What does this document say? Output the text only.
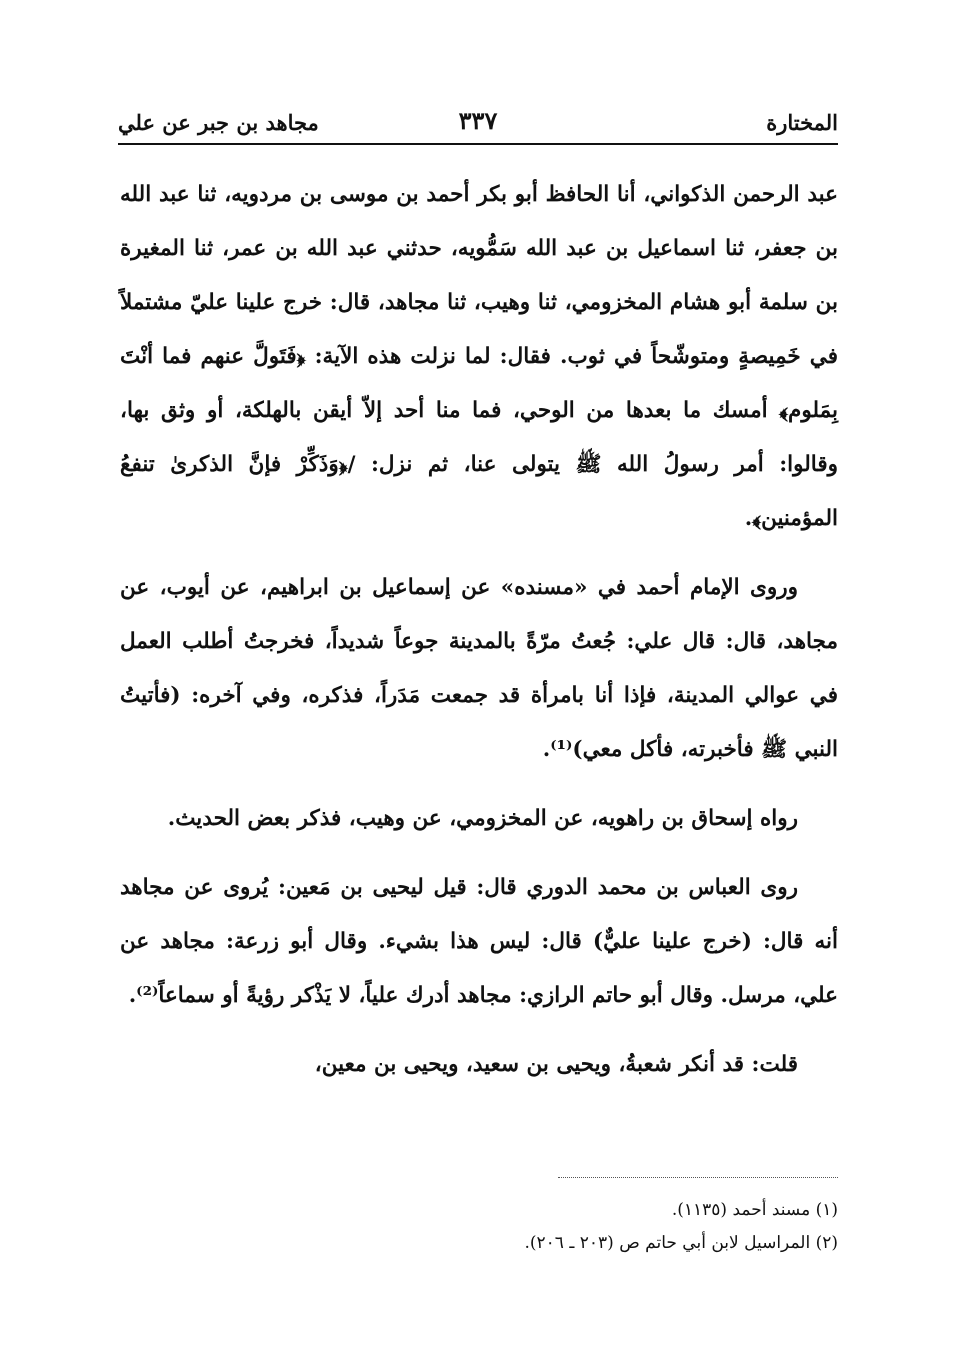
المختارة
٣٣٧
مجاهد بن جبر عن علي

عبد الرحمن الذكواني، أنا الحافظ أبو بكر أحمد بن موسى بن مردويه، ثنا عبد الله بن جعفر، ثنا اسماعيل بن عبد الله سَمُّويه، حدثني عبد الله بن عمر، ثنا المغيرة بن سلمة أبو هشام المخزومي، ثنا وهيب، ثنا مجاهد، قال: خرج علينا عليّ مشتملاً في خَمِيصةٍ ومتوشّحاً في ثوب. فقال: لما نزلت هذه الآية: ﴿فَتَولَّ عنهم فما أنْتَ بِمَلوم﴾ أمسك ما بعدها من الوحي، فما منا أحد إلاّ أيقن بالهلكة، أو وثق بها، وقالوا: أمر رسولُ الله ﷺ يتولى عنا، ثم نزل: /﴿وَذَكِّرْ فإنَّ الذكرىٰ تنفعُ المؤمنين﴾.

وروى الإمام أحمد في «مسنده» عن إسماعيل بن ابراهيم، عن أيوب، عن مجاهد، قال: قال علي: جُعتُ مرّةً بالمدينة جوعاً شديداً، فخرجتُ أطلب العمل في عوالي المدينة، فإذا أنا بامرأة قد جمعت مَدَراً، فذكره، وفي آخره: (فأتيتُ النبي ﷺ فأخبرته، فأكل معي)⁽¹⁾.

رواه إسحاق بن راهويه، عن المخزومي، عن وهيب، فذكر بعض الحديث.

روى العباس بن محمد الدوري قال: قيل ليحيى بن مَعين: يُروى عن مجاهد أنه قال: (خرج علينا عليٌّ) قال: ليس هذا بشيء. وقال أبو زرعة: مجاهد عن علي، مرسل. وقال أبو حاتم الرازي: مجاهد أدرك علياً، لا يَذْكر رؤيةً أو سماعاً⁽²⁾.

قلت: قد أنكر شعبةُ، ويحيى بن سعيد، ويحيى بن معين،

(١) مسند أحمد (١١٣٥).

(٢) المراسيل لابن أبي حاتم ص (٢٠٣ ـ ٢٠٦).
